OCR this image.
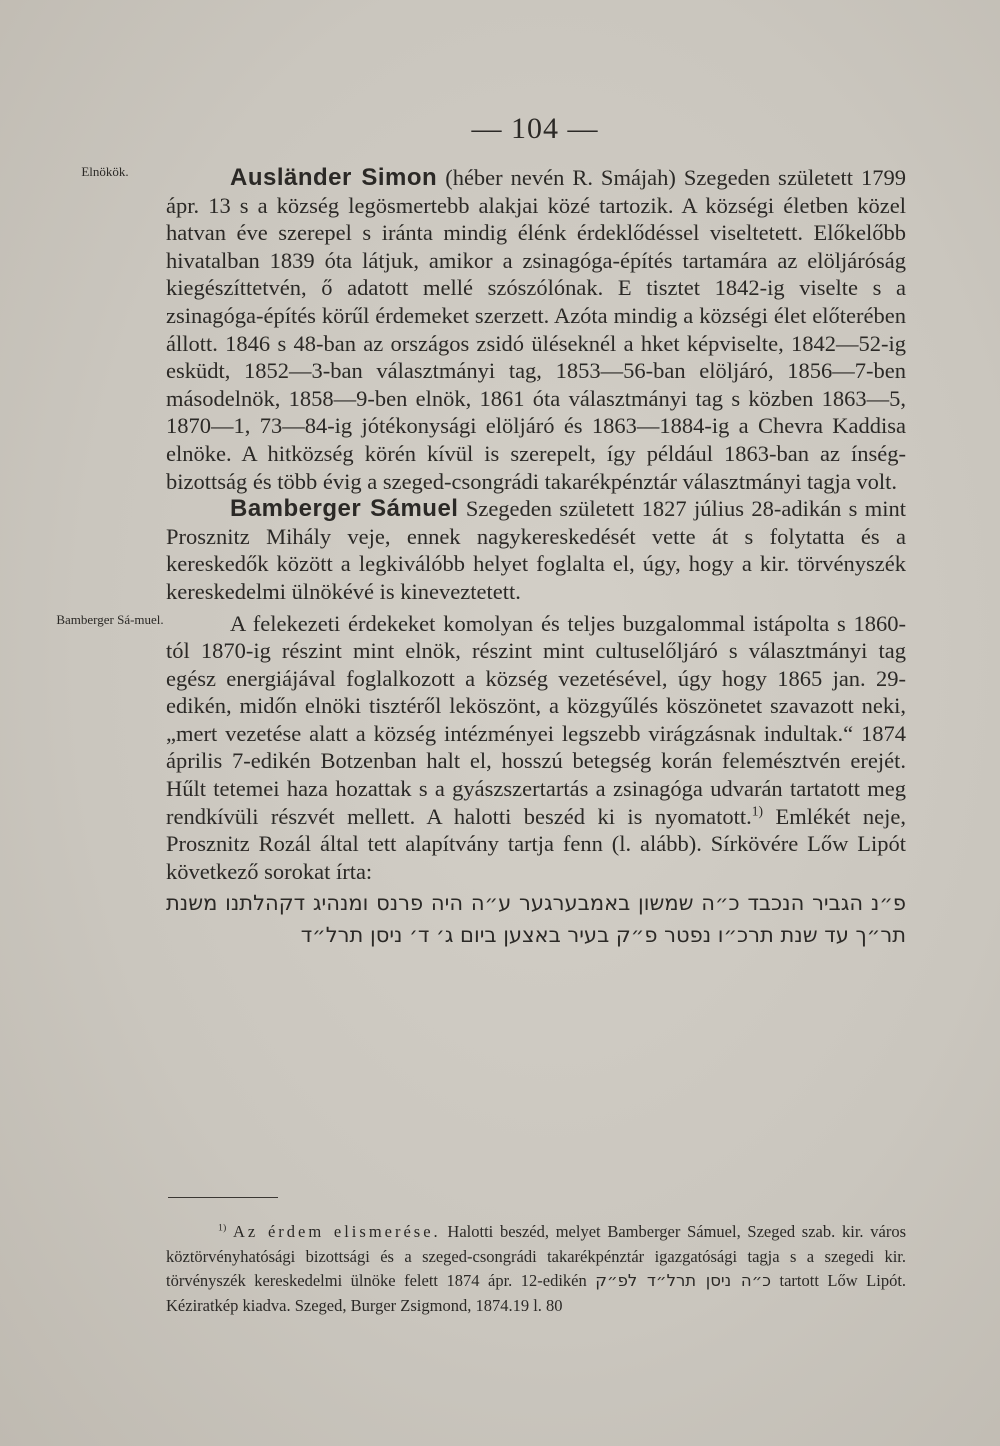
— 104 —
Elnökök.
Bamberger Sá-muel.

Ausländer Simon (héber nevén R. Smájah) Szegeden született 1799 ápr. 13 s a község legösmertebb alakjai közé tartozik. A községi életben közel hatvan éve szerepel s iránta mindig élénk érdeklődéssel viseltetett. Előkelőbb hivatalban 1839 óta látjuk, amikor a zsinagóga-építés tartamára az elöljáróság kiegészíttetvén, ő adatott mellé szószólónak. E tisztet 1842-ig viselte s a zsinagóga-építés körűl érdemeket szerzett. Azóta mindig a községi élet előterében állott. 1846 s 48-ban az országos zsidó üléseknél a hket képviselte, 1842—52-ig esküdt, 1852—3-ban választmányi tag, 1853—56-ban elöljáró, 1856—7-ben másodelnök, 1858—9-ben elnök, 1861 óta választmányi tag s közben 1863—5, 1870—1, 73—84-ig jótékonysági elöljáró és 1863—1884-ig a Chevra Kaddisa elnöke. A hitközség körén kívül is szerepelt, így például 1863-ban az ínség-bizottság és több évig a szeged-csongrádi takarékpénztár választmányi tagja volt.

Bamberger Sámuel Szegeden született 1827 július 28-adikán s mint Prosznitz Mihály veje, ennek nagykereskedését vette át s folytatta és a kereskedők között a legkiválóbb helyet foglalta el, úgy, hogy a kir. törvényszék kereskedelmi ülnökévé is kineveztetett.

A felekezeti érdekeket komolyan és teljes buzgalommal istápolta s 1860-tól 1870-ig részint mint elnök, részint mint cultuselőljáró s választmányi tag egész energiájával foglalkozott a község vezetésével, úgy hogy 1865 jan. 29-edikén, midőn elnöki tisztéről leköszönt, a közgyűlés köszönetet szavazott neki, „mert vezetése alatt a község intézményei legszebb virágzásnak indultak.“ 1874 április 7-edikén Botzenban halt el, hosszú betegség korán felemésztvén erejét. Hűlt tetemei haza hozattak s a gyászszertartás a zsinagóga udvarán tartatott meg rendkívüli részvét mellett. A halotti beszéd ki is nyomatott.$^{1)}$ Emlékét neje, Prosznitz Rozál által tett alapítvány tartja fenn (l. alább). Sírkövére Lőw Lipót következő sorokat írta:

פ״נ הגביר הנכבד כ״ה שמשון באמבערגער ע״ה היה פרנס ומנהיג דקהלתנו משנת תר״ך עד שנת תרכ״ו נפטר פ״ק בעיר באצען ביום ג׳ ד׳ ניסן תרל״ד
$^{1)}$ Az érdem elismerése. Halotti beszéd, melyet Bamberger Sámuel, Szeged szab. kir. város köztörvényhatósági bizottsági és a szeged-csongrádi takarékpénztár igazgatósági tagja s a szegedi kir. törvényszék kereskedelmi ülnöke felett 1874 ápr. 12-edikén כ״ה ניסן תרל״ד לפ״ק tartott Lőw Lipót. Kéziratkép kiadva. Szeged, Burger Zsigmond, 1874.19 l. 80
